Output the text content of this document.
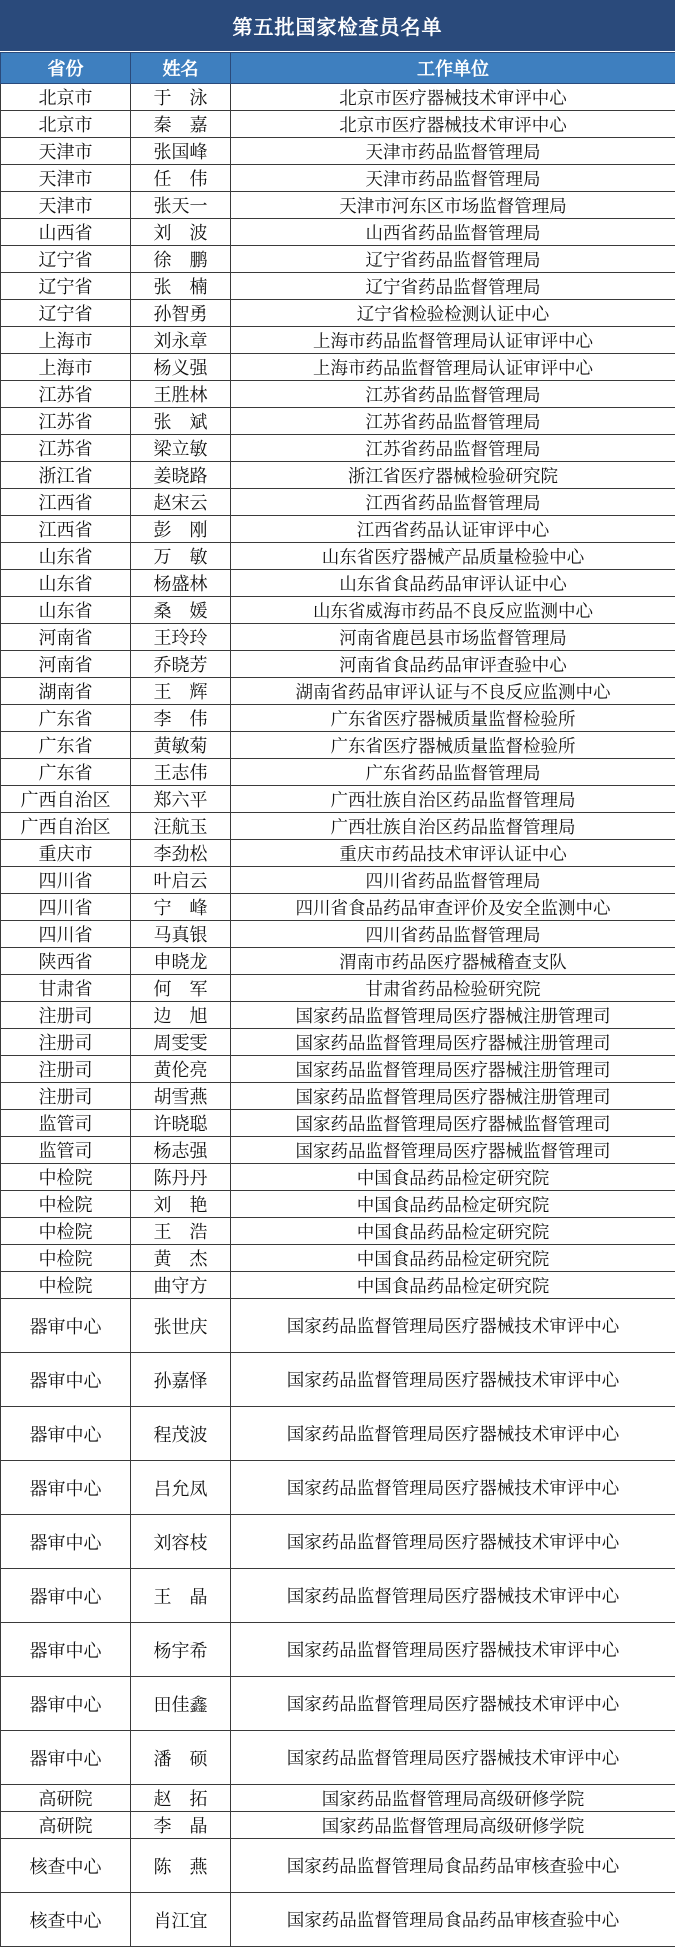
第五批国家检查员名单
省份	姓名	工作单位
北京市	于　泳	北京市医疗器械技术审评中心
北京市	秦　嘉	北京市医疗器械技术审评中心
天津市	张国峰	天津市药品监督管理局
天津市	任　伟	天津市药品监督管理局
天津市	张天一	天津市河东区市场监督管理局
山西省	刘　波	山西省药品监督管理局
辽宁省	徐　鹏	辽宁省药品监督管理局
辽宁省	张　楠	辽宁省药品监督管理局
辽宁省	孙智勇	辽宁省检验检测认证中心
上海市	刘永章	上海市药品监督管理局认证审评中心
上海市	杨义强	上海市药品监督管理局认证审评中心
江苏省	王胜林	江苏省药品监督管理局
江苏省	张　斌	江苏省药品监督管理局
江苏省	梁立敏	江苏省药品监督管理局
浙江省	姜晓路	浙江省医疗器械检验研究院
江西省	赵宋云	江西省药品监督管理局
江西省	彭　刚	江西省药品认证审评中心
山东省	万　敏	山东省医疗器械产品质量检验中心
山东省	杨盛林	山东省食品药品审评认证中心
山东省	桑　媛	山东省威海市药品不良反应监测中心
河南省	王玲玲	河南省鹿邑县市场监督管理局
河南省	乔晓芳	河南省食品药品审评查验中心
湖南省	王　辉	湖南省药品审评认证与不良反应监测中心
广东省	李　伟	广东省医疗器械质量监督检验所
广东省	黄敏菊	广东省医疗器械质量监督检验所
广东省	王志伟	广东省药品监督管理局
广西自治区	郑六平	广西壮族自治区药品监督管理局
广西自治区	汪航玉	广西壮族自治区药品监督管理局
重庆市	李劲松	重庆市药品技术审评认证中心
四川省	叶启云	四川省药品监督管理局
四川省	宁　峰	四川省食品药品审查评价及安全监测中心
四川省	马真银	四川省药品监督管理局
陕西省	申晓龙	渭南市药品医疗器械稽查支队
甘肃省	何　军	甘肃省药品检验研究院
注册司	边　旭	国家药品监督管理局医疗器械注册管理司
注册司	周雯雯	国家药品监督管理局医疗器械注册管理司
注册司	黄伦亮	国家药品监督管理局医疗器械注册管理司
注册司	胡雪燕	国家药品监督管理局医疗器械注册管理司
监管司	许晓聪	国家药品监督管理局医疗器械监督管理司
监管司	杨志强	国家药品监督管理局医疗器械监督管理司
中检院	陈丹丹	中国食品药品检定研究院
中检院	刘　艳	中国食品药品检定研究院
中检院	王　浩	中国食品药品检定研究院
中检院	黄　杰	中国食品药品检定研究院
中检院	曲守方	中国食品药品检定研究院
器审中心	张世庆	国家药品监督管理局医疗器械技术审评中心
器审中心	孙嘉怿	国家药品监督管理局医疗器械技术审评中心
器审中心	程茂波	国家药品监督管理局医疗器械技术审评中心
器审中心	吕允凤	国家药品监督管理局医疗器械技术审评中心
器审中心	刘容枝	国家药品监督管理局医疗器械技术审评中心
器审中心	王　晶	国家药品监督管理局医疗器械技术审评中心
器审中心	杨宇希	国家药品监督管理局医疗器械技术审评中心
器审中心	田佳鑫	国家药品监督管理局医疗器械技术审评中心
器审中心	潘　硕	国家药品监督管理局医疗器械技术审评中心
高研院	赵　拓	国家药品监督管理局高级研修学院
高研院	李　晶	国家药品监督管理局高级研修学院
核查中心	陈　燕	国家药品监督管理局食品药品审核查验中心
核查中心	肖江宜	国家药品监督管理局食品药品审核查验中心
